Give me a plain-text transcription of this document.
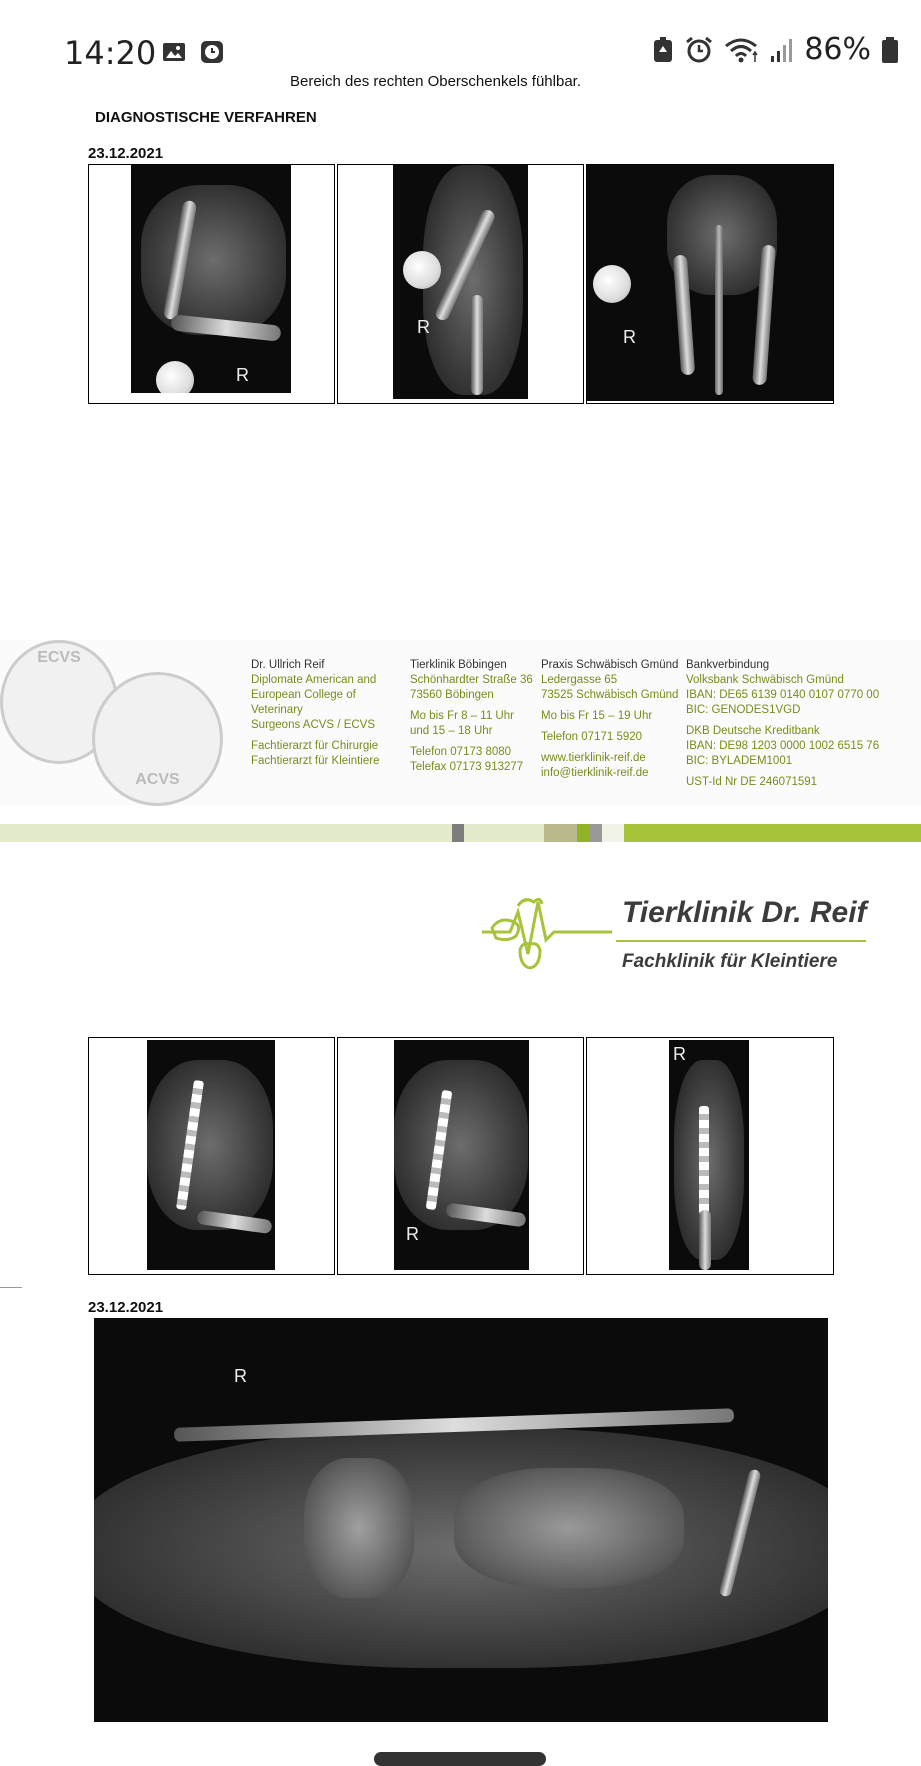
14:20	86%
Bereich des rechten Oberschenkels fühlbar.
DIAGNOSTISCHE VERFAHREN
23.12.2021
R
R	R
ECVS
ACVS
Dr. Ullrich Reif
Diplomate American and
European College of Veterinary
Surgeons ACVS / ECVS
Fachtierarzt für Chirurgie
Fachtierarzt für Kleintiere
Tierklinik Böbingen
Schönhardter Straße 36
73560 Böbingen
Mo bis Fr 8 – 11 Uhr
und 15 – 18 Uhr
Telefon 07173 8080
Telefax 07173 913277
Praxis Schwäbisch Gmünd
Ledergasse 65
73525 Schwäbisch Gmünd
Mo bis Fr 15 – 19 Uhr
Telefon 07171 5920
www.tierklinik-reif.de
info@tierklinik-reif.de
Bankverbindung
Volksbank Schwäbisch Gmünd
IBAN: DE65 6139 0140 0107 0770 00
BIC: GENODES1VGD
DKB Deutsche Kreditbank
IBAN: DE98 1203 0000 1002 6515 76
BIC: BYLADEM1001
UST-Id Nr DE 246071591
Tierklinik Dr. Reif
Fachklinik für Kleintiere
R
R
23.12.2021
R
